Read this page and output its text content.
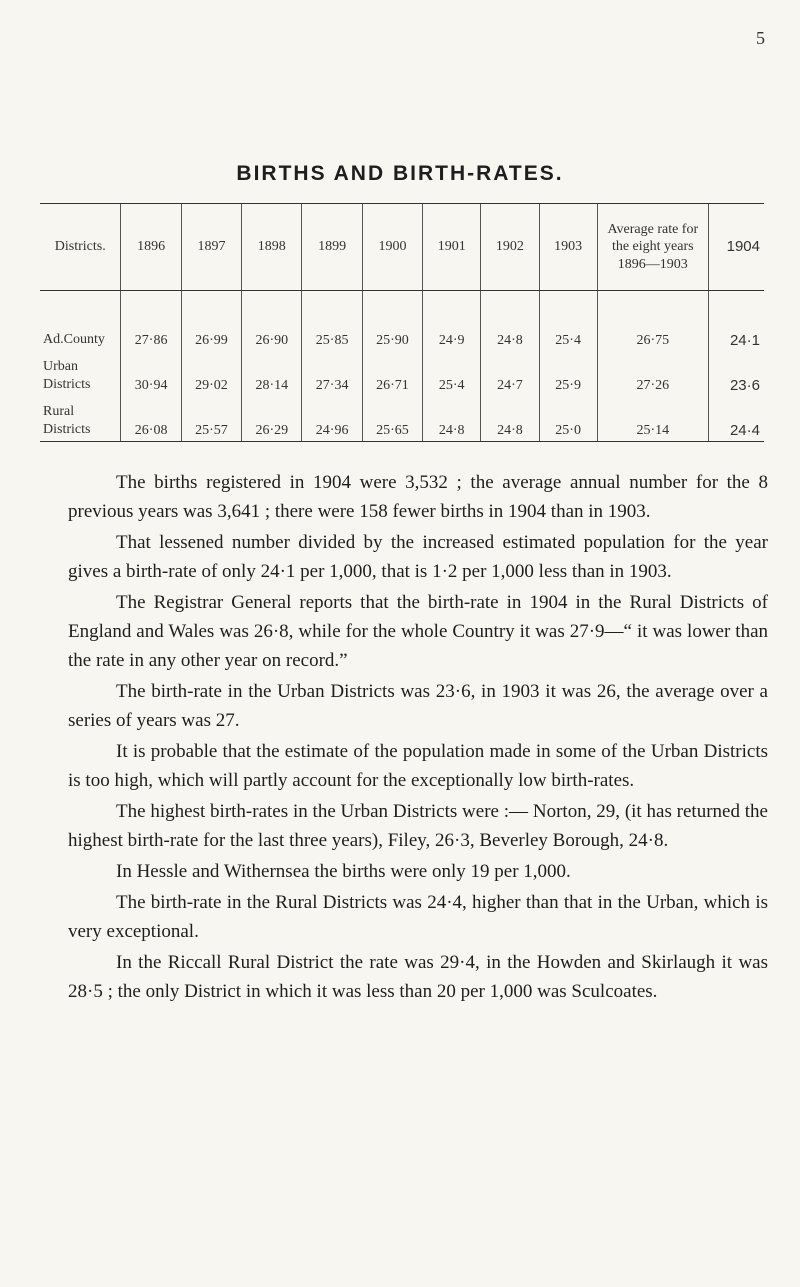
5
BIRTHS AND BIRTH-RATES.
Districts.	1896	1897	1898	1899	1900	1901	1902	1903	Average rate for the eight years 1896—1903	1904
Ad.County	27·86	26·99	26·90	25·85	25·90	24·9	24·8	25·4	26·75	24·1
Urban Districts	30·94	29·02	28·14	27·34	26·71	25·4	24·7	25·9	27·26	23·6
Rural Districts	26·08	25·57	26·29	24·96	25·65	24·8	24·8	25·0	25·14	24·4

The births registered in 1904 were 3,532 ; the average annual number for the 8 previous years was 3,641 ; there were 158 fewer births in 1904 than in 1903.

That lessened number divided by the increased estimated population for the year gives a birth-rate of only 24·1 per 1,000, that is 1·2 per 1,000 less than in 1903.

The Registrar General reports that the birth-rate in 1904 in the Rural Districts of England and Wales was 26·8, while for the whole Country it was 27·9—“ it was lower than the rate in any other year on record.”

The birth-rate in the Urban Districts was 23·6, in 1903 it was 26, the average over a series of years was 27.

It is probable that the estimate of the population made in some of the Urban Districts is too high, which will partly account for the exceptionally low birth-rates.

The highest birth-rates in the Urban Districts were :— Norton, 29, (it has returned the highest birth-rate for the last three years), Filey, 26·3, Beverley Borough, 24·8.

In Hessle and Withernsea the births were only 19 per 1,000.

The birth-rate in the Rural Districts was 24·4, higher than that in the Urban, which is very exceptional.

In the Riccall Rural District the rate was 29·4, in the Howden and Skirlaugh it was 28·5 ; the only District in which it was less than 20 per 1,000 was Sculcoates.
